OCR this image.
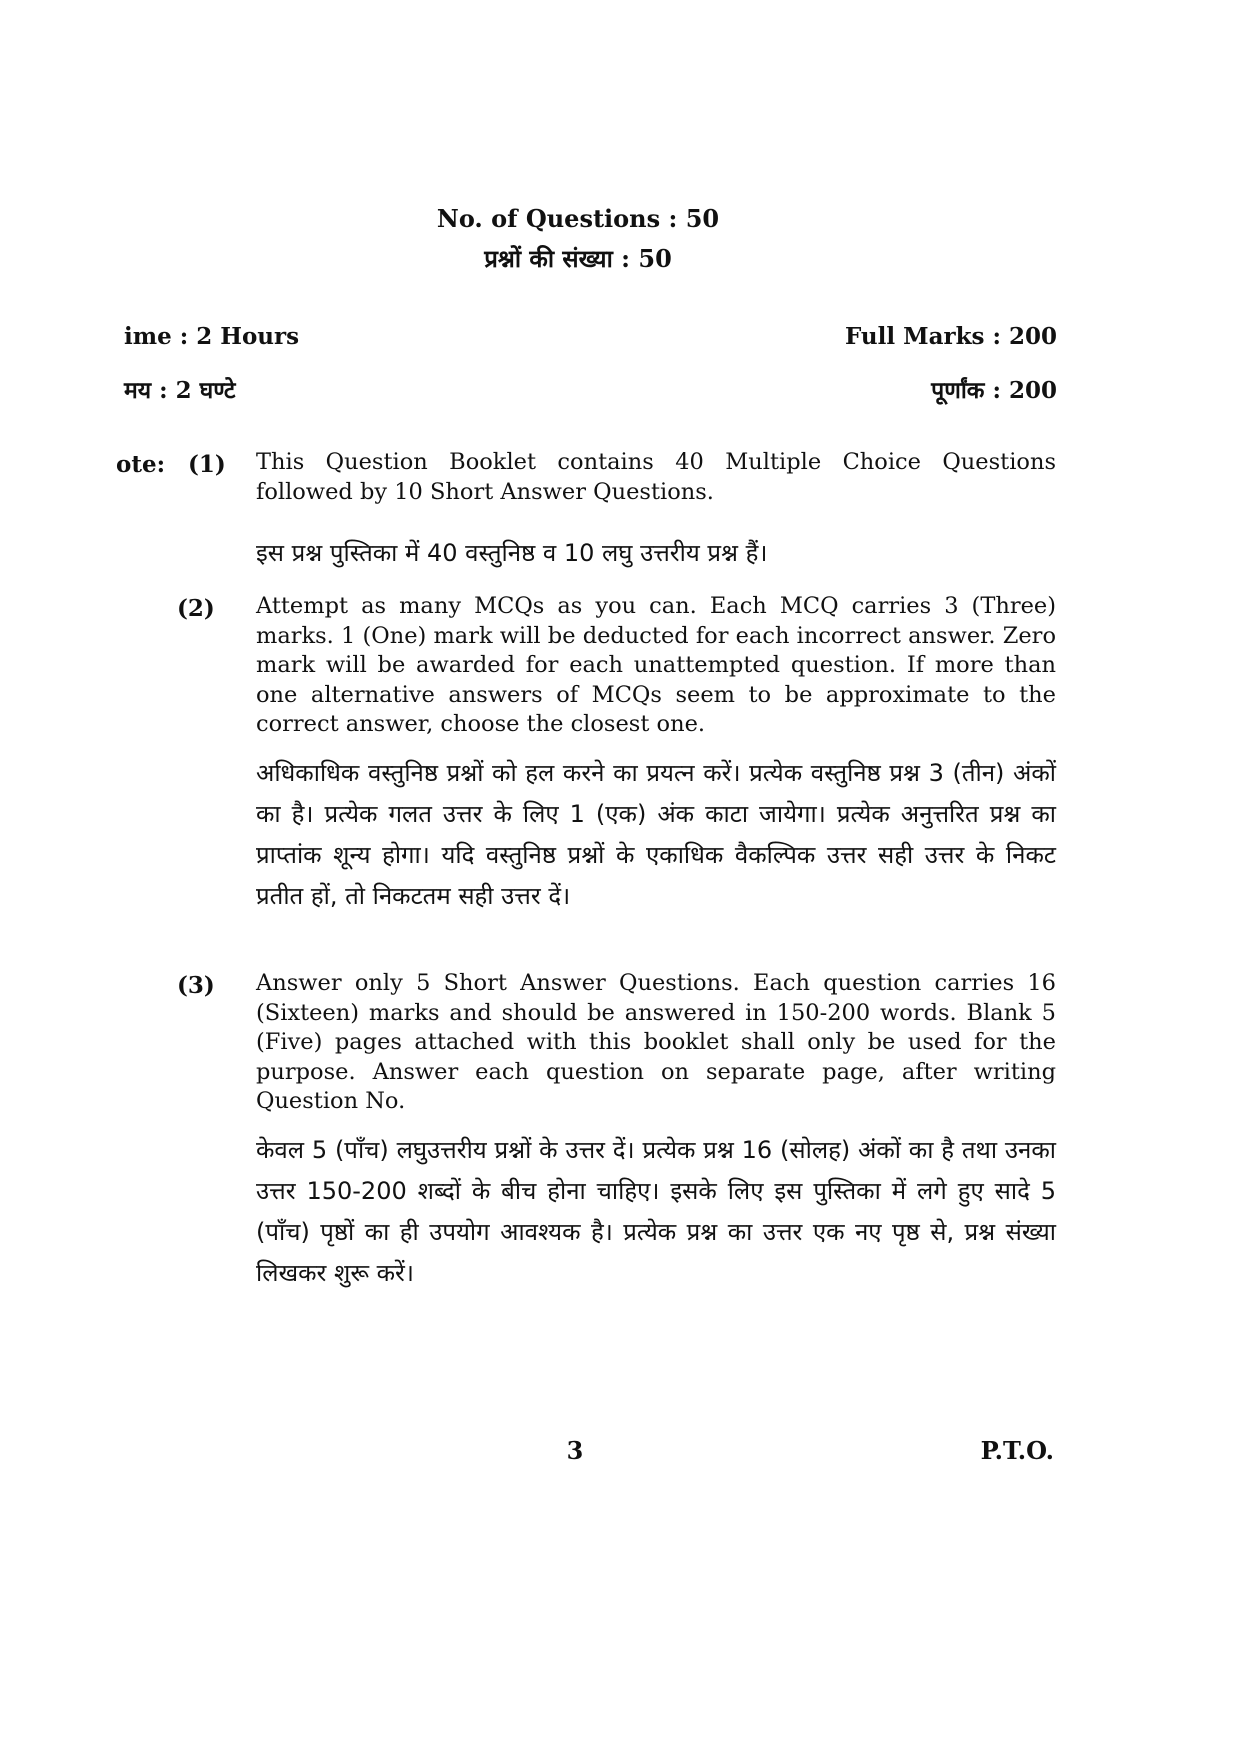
No. of Questions : 50
प्रश्नों की संख्या : 50
ime : 2 Hours	Full Marks : 200
मय : 2 घण्टे	पूर्णांक : 200
ote: (1) This Question Booklet contains 40 Multiple Choice Questions followed by 10 Short Answer Questions.
इस प्रश्न पुस्तिका में 40 वस्तुनिष्ठ व 10 लघु उत्तरीय प्रश्न हैं।
(2) Attempt as many MCQs as you can. Each MCQ carries 3 (Three) marks. 1 (One) mark will be deducted for each incorrect answer. Zero mark will be awarded for each unattempted question. If more than one alternative answers of MCQs seem to be approximate to the correct answer, choose the closest one.
अधिकाधिक वस्तुनिष्ठ प्रश्नों को हल करने का प्रयत्न करें। प्रत्येक वस्तुनिष्ठ प्रश्न 3 (तीन) अंकों का है। प्रत्येक गलत उत्तर के लिए 1 (एक) अंक काटा जायेगा। प्रत्येक अनुत्तरित प्रश्न का प्राप्तांक शून्य होगा। यदि वस्तुनिष्ठ प्रश्नों के एकाधिक वैकल्पिक उत्तर सही उत्तर के निकट प्रतीत हों, तो निकटतम सही उत्तर दें।
(3) Answer only 5 Short Answer Questions. Each question carries 16 (Sixteen) marks and should be answered in 150-200 words. Blank 5 (Five) pages attached with this booklet shall only be used for the purpose. Answer each question on separate page, after writing Question No.
केवल 5 (पाँच) लघुउत्तरीय प्रश्नों के उत्तर दें। प्रत्येक प्रश्न 16 (सोलह) अंकों का है तथा उनका उत्तर 150-200 शब्दों के बीच होना चाहिए। इसके लिए इस पुस्तिका में लगे हुए सादे 5 (पाँच) पृष्ठों का ही उपयोग आवश्यक है। प्रत्येक प्रश्न का उत्तर एक नए पृष्ठ से, प्रश्न संख्या लिखकर शुरू करें।
3	P.T.O.
